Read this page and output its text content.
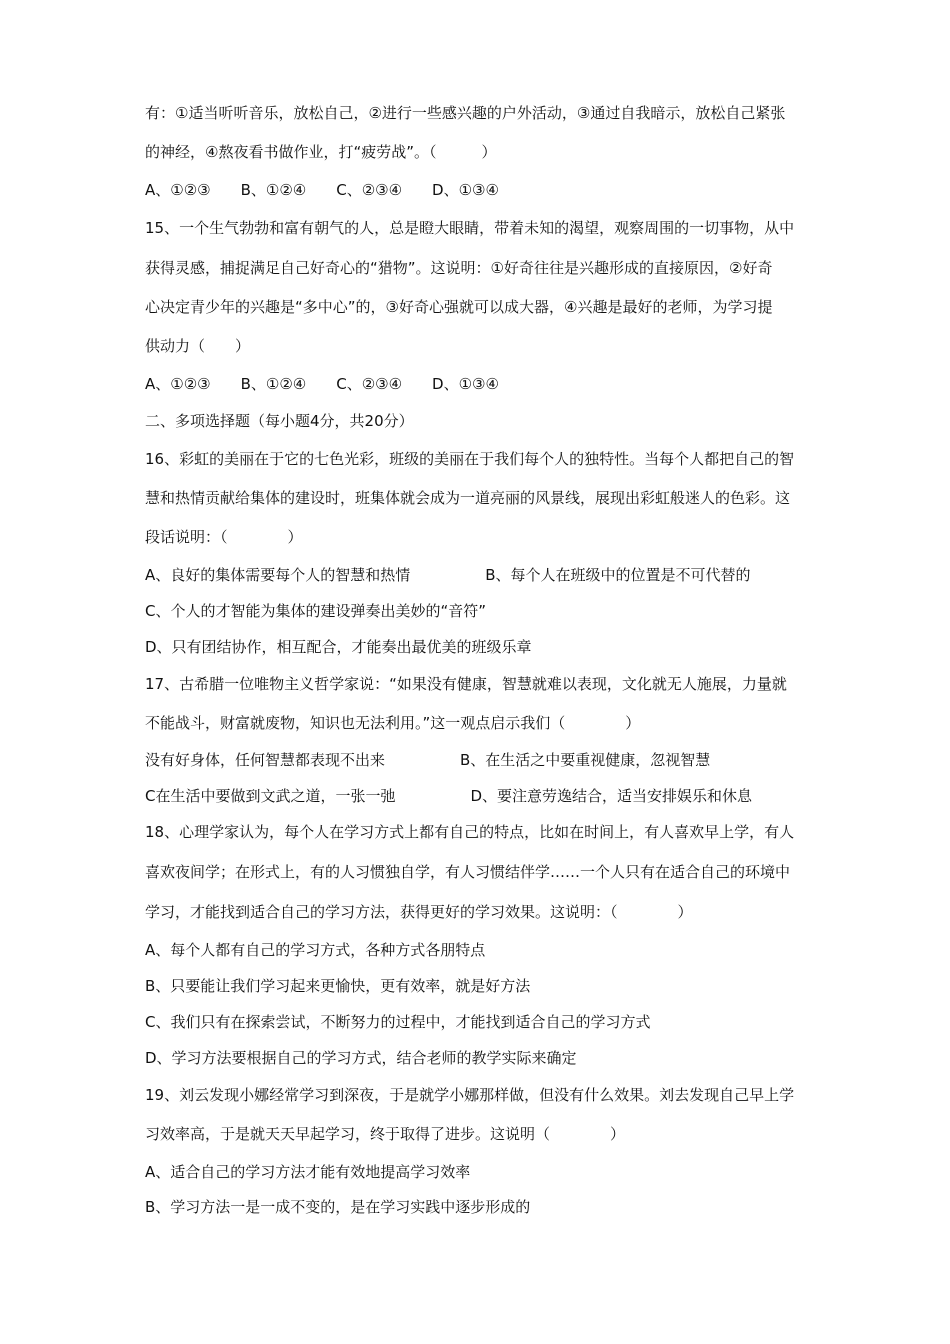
有：①适当听听音乐，放松自己，②进行一些感兴趣的户外活动，③通过自我暗示，放松自己紧张
的神经，④熬夜看书做作业，打“疲劳战”。（　　　）
A、①②③　　B、①②④　　C、②③④　　D、①③④
15、一个生气勃勃和富有朝气的人，总是瞪大眼睛，带着未知的渴望，观察周围的一切事物，从中
获得灵感，捕捉满足自己好奇心的“猎物”。这说明：①好奇往往是兴趣形成的直接原因，②好奇
心决定青少年的兴趣是“多中心”的，③好奇心强就可以成大器，④兴趣是最好的老师，为学习提
供动力（　　）
A、①②③　　B、①②④　　C、②③④　　D、①③④
二、多项选择题（每小题4分，共20分）
16、彩虹的美丽在于它的七色光彩，班级的美丽在于我们每个人的独特性。当每个人都把自己的智
慧和热情贡献给集体的建设时，班集体就会成为一道亮丽的风景线，展现出彩虹般迷人的色彩。这
段话说明：（　　　　）
A、良好的集体需要每个人的智慧和热情　　　　　B、每个人在班级中的位置是不可代替的
C、个人的才智能为集体的建设弹奏出美妙的“音符”
D、只有团结协作，相互配合，才能奏出最优美的班级乐章
17、古希腊一位唯物主义哲学家说：“如果没有健康，智慧就难以表现，文化就无人施展，力量就
不能战斗，财富就废物，知识也无法利用。”这一观点启示我们（　　　　）
没有好身体，任何智慧都表现不出来　　　　　B、在生活之中要重视健康，忽视智慧
C在生活中要做到文武之道，一张一弛　　　　　D、要注意劳逸结合，适当安排娱乐和休息
18、心理学家认为，每个人在学习方式上都有自己的特点，比如在时间上，有人喜欢早上学，有人
喜欢夜间学；在形式上，有的人习惯独自学，有人习惯结伴学……一个人只有在适合自己的环境中
学习，才能找到适合自己的学习方法，获得更好的学习效果。这说明：（　　　　）
A、每个人都有自己的学习方式，各种方式各朋特点
B、只要能让我们学习起来更愉快，更有效率，就是好方法
C、我们只有在探索尝试，不断努力的过程中，才能找到适合自己的学习方式
D、学习方法要根据自己的学习方式，结合老师的教学实际来确定
19、刘云发现小娜经常学习到深夜，于是就学小娜那样做，但没有什么效果。刘去发现自己早上学
习效率高，于是就天天早起学习，终于取得了进步。这说明（　　　　）
A、适合自己的学习方法才能有效地提高学习效率
B、学习方法一是一成不变的，是在学习实践中逐步形成的
